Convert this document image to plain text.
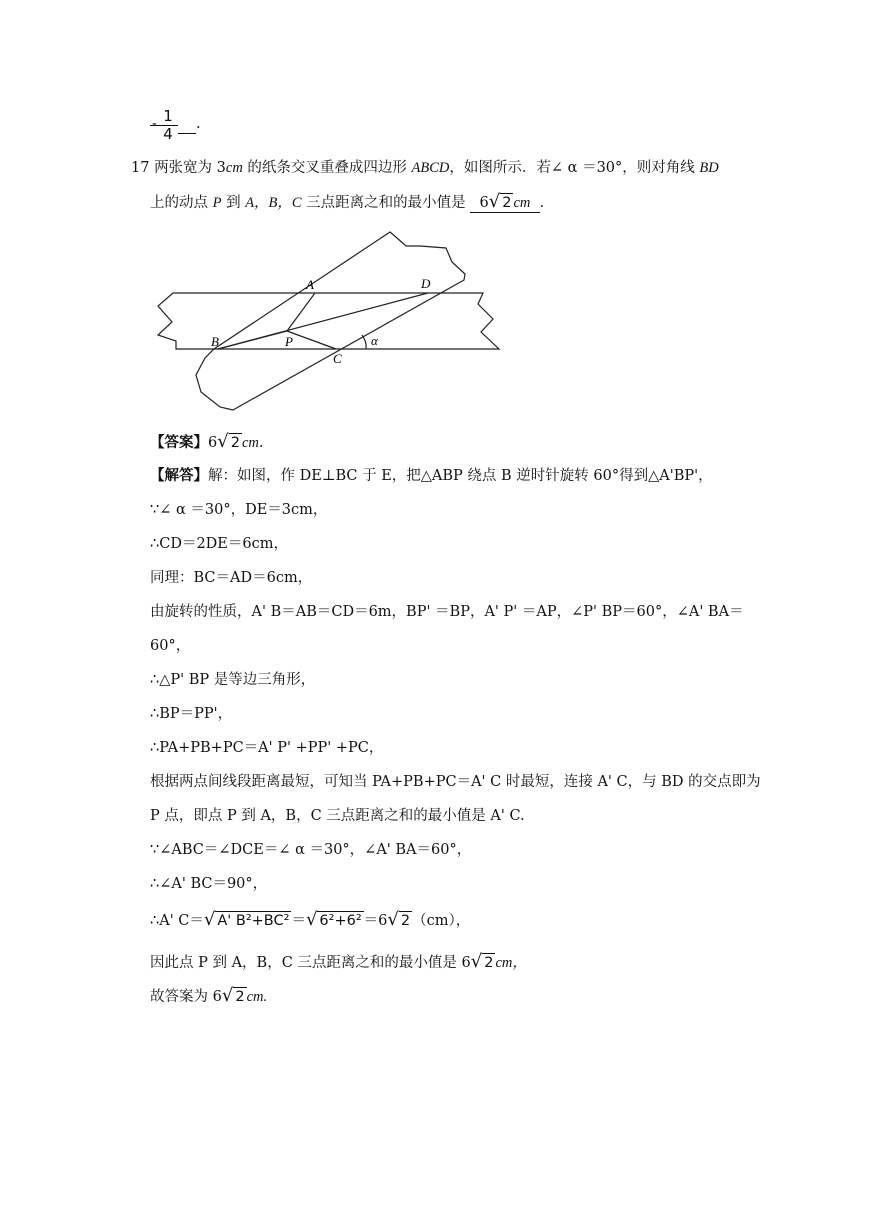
1
4
-	.
17 两张宽为 3cm 的纸条交叉重叠成四边形 ABCD，如图所示．若∠ α ＝30°，则对角线 BD
上的动点 P 到 A，B，C 三点距离之和的最小值是   6 √ 2 cm ．
A	D
B	P
C
α
【答案】6 √ 2 cm.
【解答】解：如图，作 DE⊥BC 于 E，把△ABP 绕点 B 逆时针旋转 60°得到△A'BP'，
∵∠ α ＝30°，DE＝3cm，
∴CD＝2DE＝6cm，
同理：BC＝AD＝6cm，
由旋转的性质，A' B＝AB＝CD＝6m，BP' ＝BP，A' P' ＝AP，∠P' BP＝60°，∠A' BA＝
60°，
∴△P' BP 是等边三角形，
∴BP＝PP'，
∴PA+PB+PC＝A' P' +PP' +PC，
根据两点间线段距离最短，可知当 PA+PB+PC＝A' C 时最短，连接 A' C，与 BD 的交点即为
P 点，即点 P 到 A，B，C 三点距离之和的最小值是 A' C.
∵∠ABC＝∠DCE＝∠ α ＝30°，∠A' BA＝60°，
∴∠A' BC＝90°，
∴A' C＝ √ A' B²+BC² ＝ √ 6²+6² ＝6 √ 2 （cm），
因此点 P 到 A，B，C 三点距离之和的最小值是 6 √ 2 cm，
故答案为 6 √ 2 cm.
